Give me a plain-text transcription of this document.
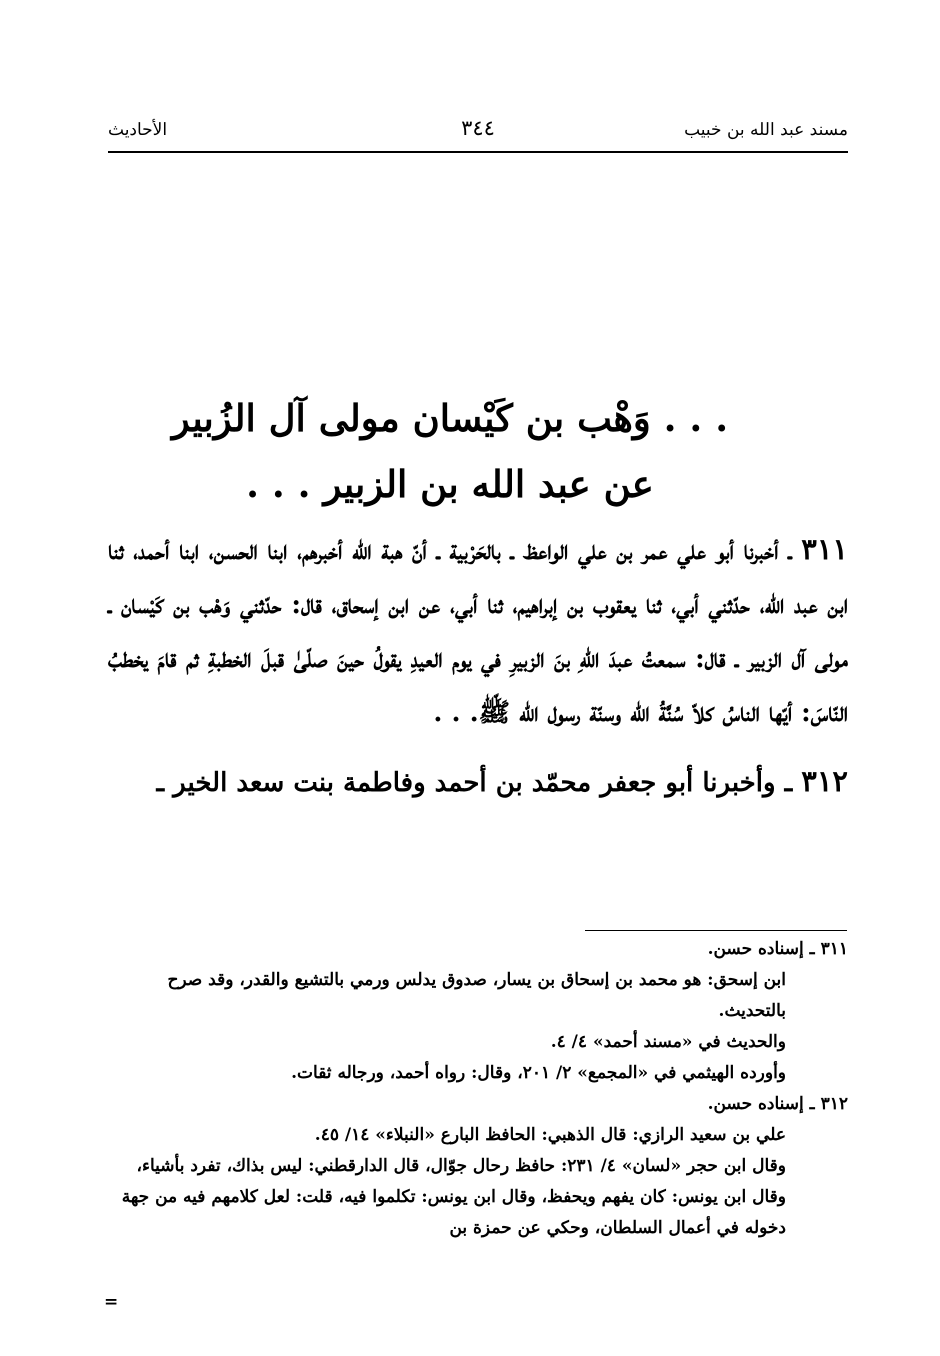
مسند عبد الله بن خبيب
٣٤٤
الأحاديث
. . . وَهْب بن كَيْسان مولى آل الزُبير
عن عبد الله بن الزبير . . .

٣١١ ـ أخبرنا أبو علي عمر بن علي الواعظ ـ بالحَرْبية ـ أنّ هبة الله أخبرهم، ابنا الحسن، ابنا أحمد، ثنا ابن عبد الله، حدّثني أبي، ثنا يعقوب بن إبراهيم، ثنا أبي، عن ابن إسحاق، قال: حدّثني وَهْب بن كَيْسان ـ مولى آل الزبير ـ قال: سمعتُ عبدَ اللّهِ بنَ الزبيرِ في يوم العيدِ يقولُ حينَ صلّىٰ قبلَ الخطبةِ ثم قامَ يخطبُ النّاسَ: أيّها الناسُ كلاّ سُنَّةُ الله وسنّة رسول الله ﷺ. . .

٣١٢ ـ وأخبرنا أبو جعفر محمّد بن أحمد وفاطمة بنت سعد الخير ـ

٣١١ ـ إسناده حسن.
ابن إسحق: هو محمد بن إسحاق بن يسار، صدوق يدلس ورمي بالتشيع والقدر، وقد صرح بالتحديث.
والحديث في «مسند أحمد» ٤/ ٤.
وأورده الهيثمي في «المجمع» ٢/ ٢٠١، وقال: رواه أحمد، ورجاله ثقات.
٣١٢ ـ إسناده حسن.
علي بن سعيد الرازي: قال الذهبي: الحافظ البارع «النبلاء» ١٤/ ٤٥.
وقال ابن حجر «لسان» ٤/ ٢٣١: حافظ رحال جوّال، قال الدارقطني: ليس بذاك، تفرد بأشياء، وقال ابن يونس: كان يفهم ويحفظ، وقال ابن يونس: تكلموا فيه، قلت: لعل كلامهم فيه من جهة دخوله في أعمال السلطان، وحكي عن حمزة بن
=
